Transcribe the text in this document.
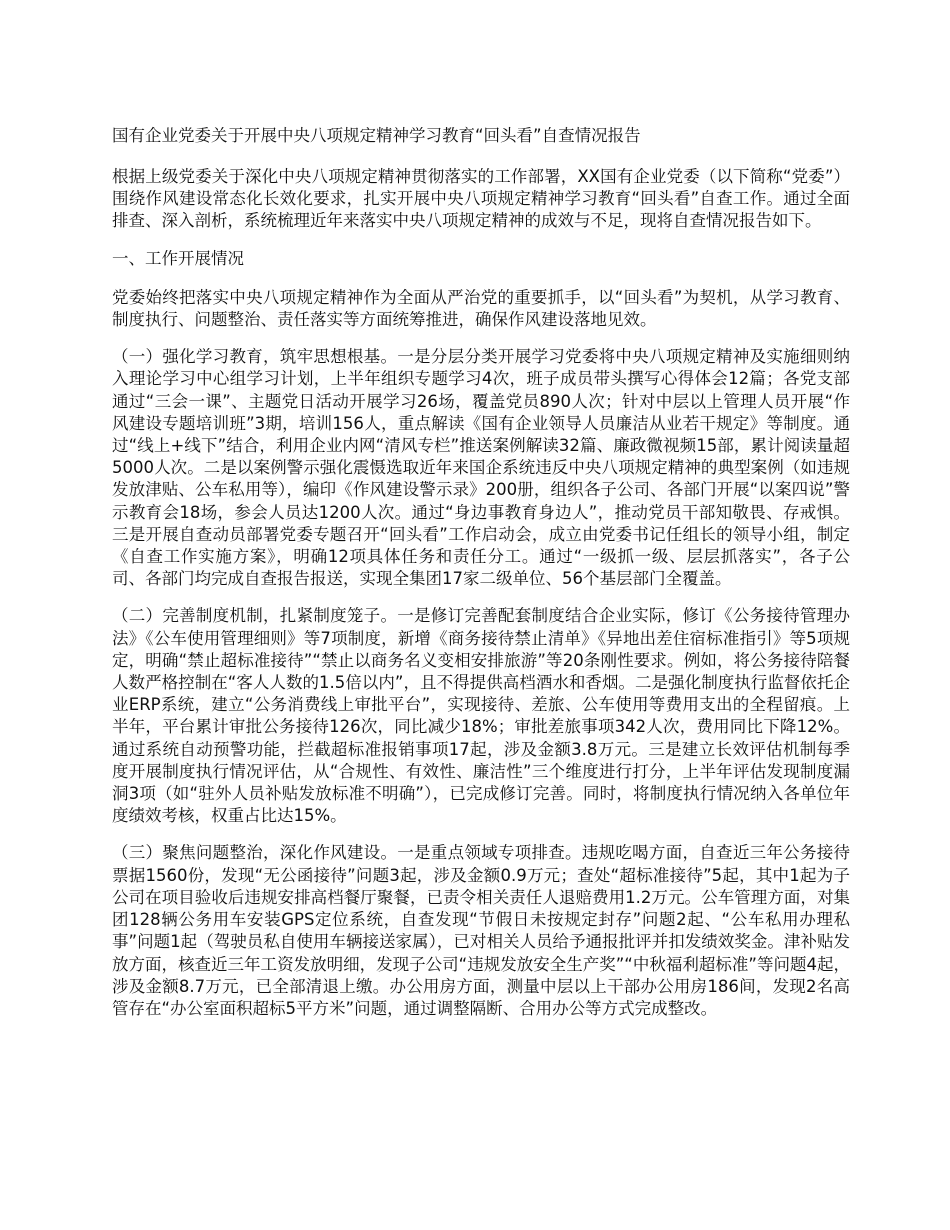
国有企业党委关于开展中央八项规定精神学习教育“回头看”自查情况报告

根据上级党委关于深化中央八项规定精神贯彻落实的工作部署，XX国有企业党委（以下简称“党委”）围绕作风建设常态化长效化要求，扎实开展中央八项规定精神学习教育“回头看”自查工作。通过全面排查、深入剖析，系统梳理近年来落实中央八项规定精神的成效与不足，现将自查情况报告如下。

一、工作开展情况

党委始终把落实中央八项规定精神作为全面从严治党的重要抓手，以“回头看”为契机，从学习教育、制度执行、问题整治、责任落实等方面统筹推进，确保作风建设落地见效。

（一）强化学习教育，筑牢思想根基。一是分层分类开展学习党委将中央八项规定精神及实施细则纳入理论学习中心组学习计划，上半年组织专题学习4次，班子成员带头撰写心得体会12篇；各党支部通过“三会一课”、主题党日活动开展学习26场，覆盖党员890人次；针对中层以上管理人员开展“作风建设专题培训班”3期，培训156人，重点解读《国有企业领导人员廉洁从业若干规定》等制度。通过“线上+线下”结合，利用企业内网“清风专栏”推送案例解读32篇、廉政微视频15部，累计阅读量超5000人次。二是以案例警示强化震慑选取近年来国企系统违反中央八项规定精神的典型案例（如违规发放津贴、公车私用等），编印《作风建设警示录》200册，组织各子公司、各部门开展“以案四说”警示教育会18场，参会人员达1200人次。通过“身边事教育身边人”，推动党员干部知敬畏、存戒惧。三是开展自查动员部署党委专题召开“回头看”工作启动会，成立由党委书记任组长的领导小组，制定《自查工作实施方案》，明确12项具体任务和责任分工。通过“一级抓一级、层层抓落实”，各子公司、各部门均完成自查报告报送，实现全集团17家二级单位、56个基层部门全覆盖。

（二）完善制度机制，扎紧制度笼子。一是修订完善配套制度结合企业实际，修订《公务接待管理办法》《公车使用管理细则》等7项制度，新增《商务接待禁止清单》《异地出差住宿标准指引》等5项规定，明确“禁止超标准接待”“禁止以商务名义变相安排旅游”等20条刚性要求。例如，将公务接待陪餐人数严格控制在“客人人数的1.5倍以内”，且不得提供高档酒水和香烟。二是强化制度执行监督依托企业ERP系统，建立“公务消费线上审批平台”，实现接待、差旅、公车使用等费用支出的全程留痕。上半年，平台累计审批公务接待126次，同比减少18%；审批差旅事项342人次，费用同比下降12%。通过系统自动预警功能，拦截超标准报销事项17起，涉及金额3.8万元。三是建立长效评估机制每季度开展制度执行情况评估，从“合规性、有效性、廉洁性”三个维度进行打分，上半年评估发现制度漏洞3项（如“驻外人员补贴发放标准不明确”），已完成修订完善。同时，将制度执行情况纳入各单位年度绩效考核，权重占比达15%。

（三）聚焦问题整治，深化作风建设。一是重点领域专项排查。违规吃喝方面，自查近三年公务接待票据1560份，发现“无公函接待”问题3起，涉及金额0.9万元；查处“超标准接待”5起，其中1起为子公司在项目验收后违规安排高档餐厅聚餐，已责令相关责任人退赔费用1.2万元。公车管理方面，对集团128辆公务用车安装GPS定位系统，自查发现“节假日未按规定封存”问题2起、“公车私用办理私事”问题1起（驾驶员私自使用车辆接送家属），已对相关人员给予通报批评并扣发绩效奖金。津补贴发放方面，核查近三年工资发放明细，发现子公司“违规发放安全生产奖”“中秋福利超标准”等问题4起，涉及金额8.7万元，已全部清退上缴。办公用房方面，测量中层以上干部办公用房186间，发现2名高管存在“办公室面积超标5平方米”问题，通过调整隔断、合用办公等方式完成整改。
